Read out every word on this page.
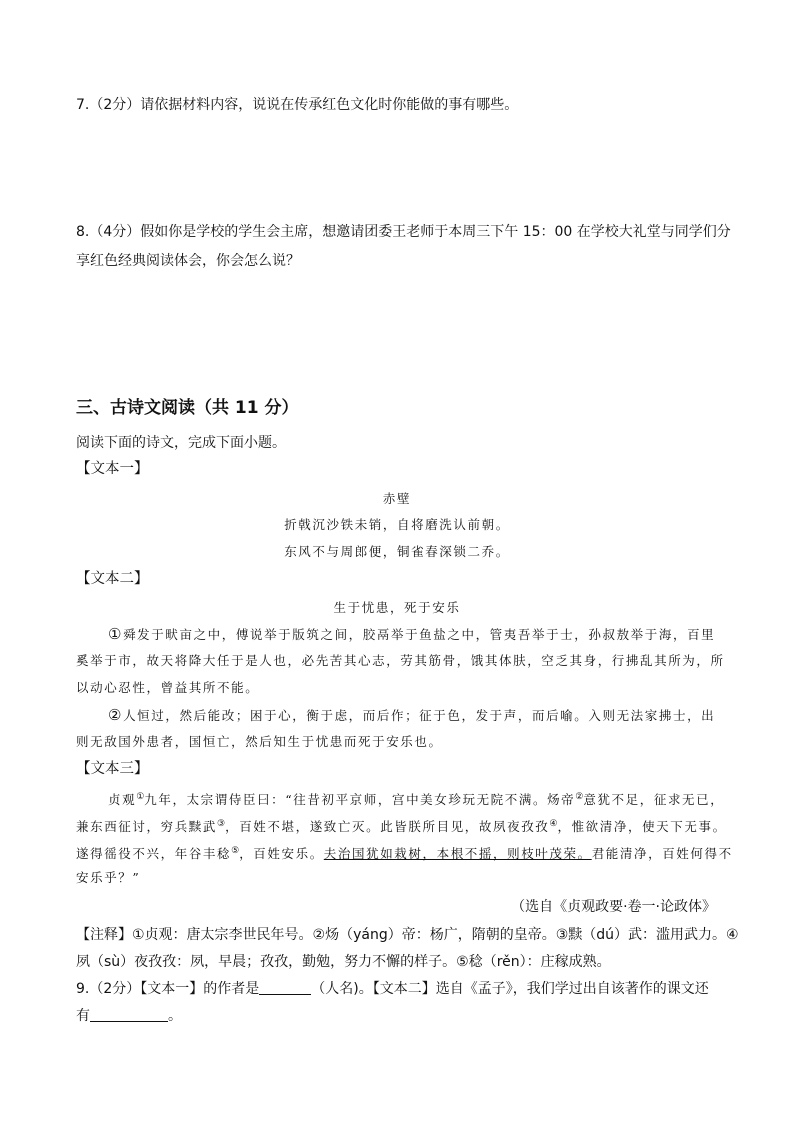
7.（2分）请依据材料内容，说说在传承红色文化时你能做的事有哪些。
8.（4分）假如你是学校的学生会主席，想邀请团委王老师于本周三下午 15：00 在学校大礼堂与同学们分
享红色经典阅读体会，你会怎么说？
三、古诗文阅读（共 11 分）
阅读下面的诗文，完成下面小题。
【文本一】
赤壁
折戟沉沙铁未销，自将磨洗认前朝。
东风不与周郎便，铜雀春深锁二乔。
【文本二】
生于忧患，死于安乐
①舜发于畎亩之中，傅说举于版筑之间，胶鬲举于鱼盐之中，管夷吾举于士，孙叔敖举于海，百里
奚举于市，故天将降大任于是人也，必先苦其心志，劳其筋骨，饿其体肤，空乏其身，行拂乱其所为，所
以动心忍性，曾益其所不能。
②人恒过，然后能改；困于心，衡于虑，而后作；征于色，发于声，而后喻。入则无法家拂士，出
则无敌国外患者，国恒亡，然后知生于忧患而死于安乐也。
【文本三】
贞观①九年，太宗谓侍臣曰：“往昔初平京师，宫中美女珍玩无院不满。炀帝②意犹不足，征求无已，
兼东西征讨，穷兵黩武③，百姓不堪，遂致亡灭。此皆朕所目见，故夙夜孜孜④，惟欲清净，使天下无事。
遂得徭役不兴，年谷丰稔⑤，百姓安乐。夫治国犹如栽树，本根不摇，则枝叶茂荣。君能清净，百姓何得不
安乐乎？”
（选自《贞观政要·卷一·论政体》
【注释】①贞观：唐太宗李世民年号。②炀（yáng）帝：杨广，隋朝的皇帝。③黩（dú）武：滥用武力。④
夙（sù）夜孜孜：夙，早晨；孜孜，勤勉，努力不懈的样子。⑤稔（rěn）：庄稼成熟。
9.（2分）【文本一】的作者是	（人名)。【文本二】选自《孟子》，我们学过出自该著作的课文还
有	。
